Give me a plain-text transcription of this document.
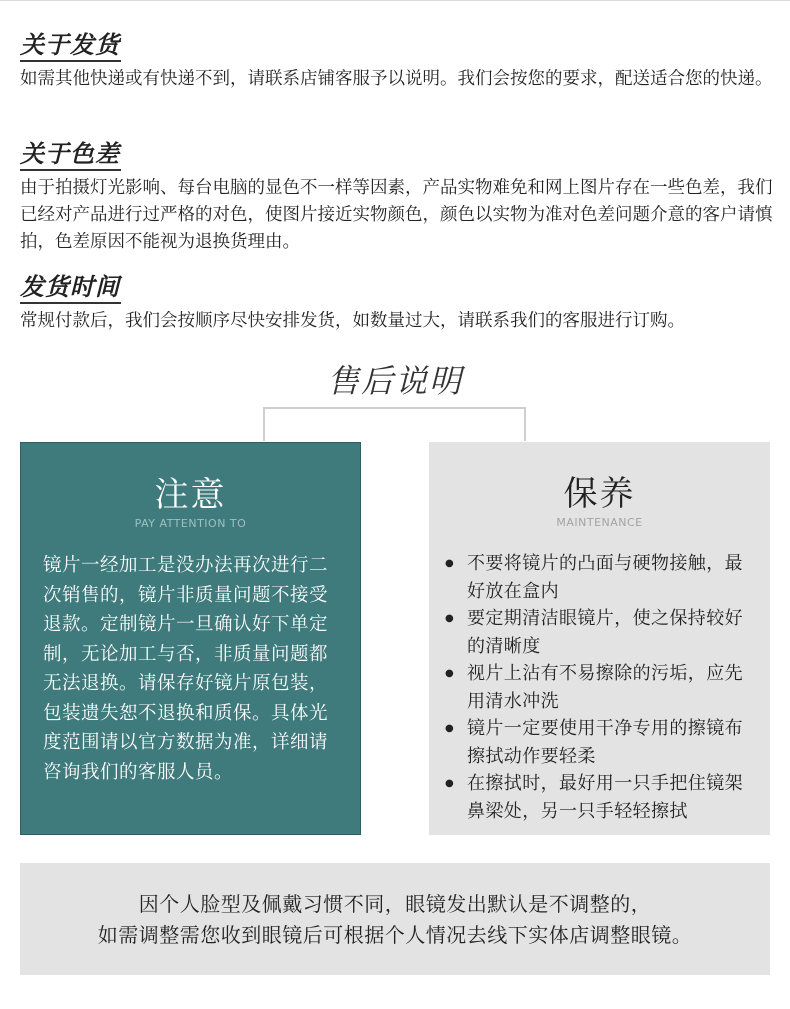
关于发货
如需其他快递或有快递不到，请联系店铺客服予以说明。我们会按您的要求，配送适合您的快递。
关于色差
由于拍摄灯光影响、每台电脑的显色不一样等因素，产品实物难免和网上图片存在一些色差，我们已经对产品进行过严格的对色，使图片接近实物颜色，颜色以实物为准对色差问题介意的客户请慎拍，色差原因不能视为退换货理由。
发货时间
常规付款后，我们会按顺序尽快安排发货，如数量过大，请联系我们的客服进行订购。
售后说明
注意
PAY ATTENTION TO
镜片一经加工是没办法再次进行二次销售的，镜片非质量问题不接受退款。定制镜片一旦确认好下单定制，无论加工与否，非质量问题都无法退换。请保存好镜片原包装，包装遗失恕不退换和质保。具体光度范围请以官方数据为准，详细请咨询我们的客服人员。
保养
MAINTENANCE
● 不要将镜片的凸面与硬物接触，最好放在盒内
● 要定期清洁眼镜片，使之保持较好的清晰度
● 视片上沾有不易擦除的污垢，应先用清水冲洗
● 镜片一定要使用干净专用的擦镜布擦拭动作要轻柔
● 在擦拭时，最好用一只手把住镜架鼻梁处，另一只手轻轻擦拭
因个人脸型及佩戴习惯不同，眼镜发出默认是不调整的，
如需调整需您收到眼镜后可根据个人情况去线下实体店调整眼镜。
